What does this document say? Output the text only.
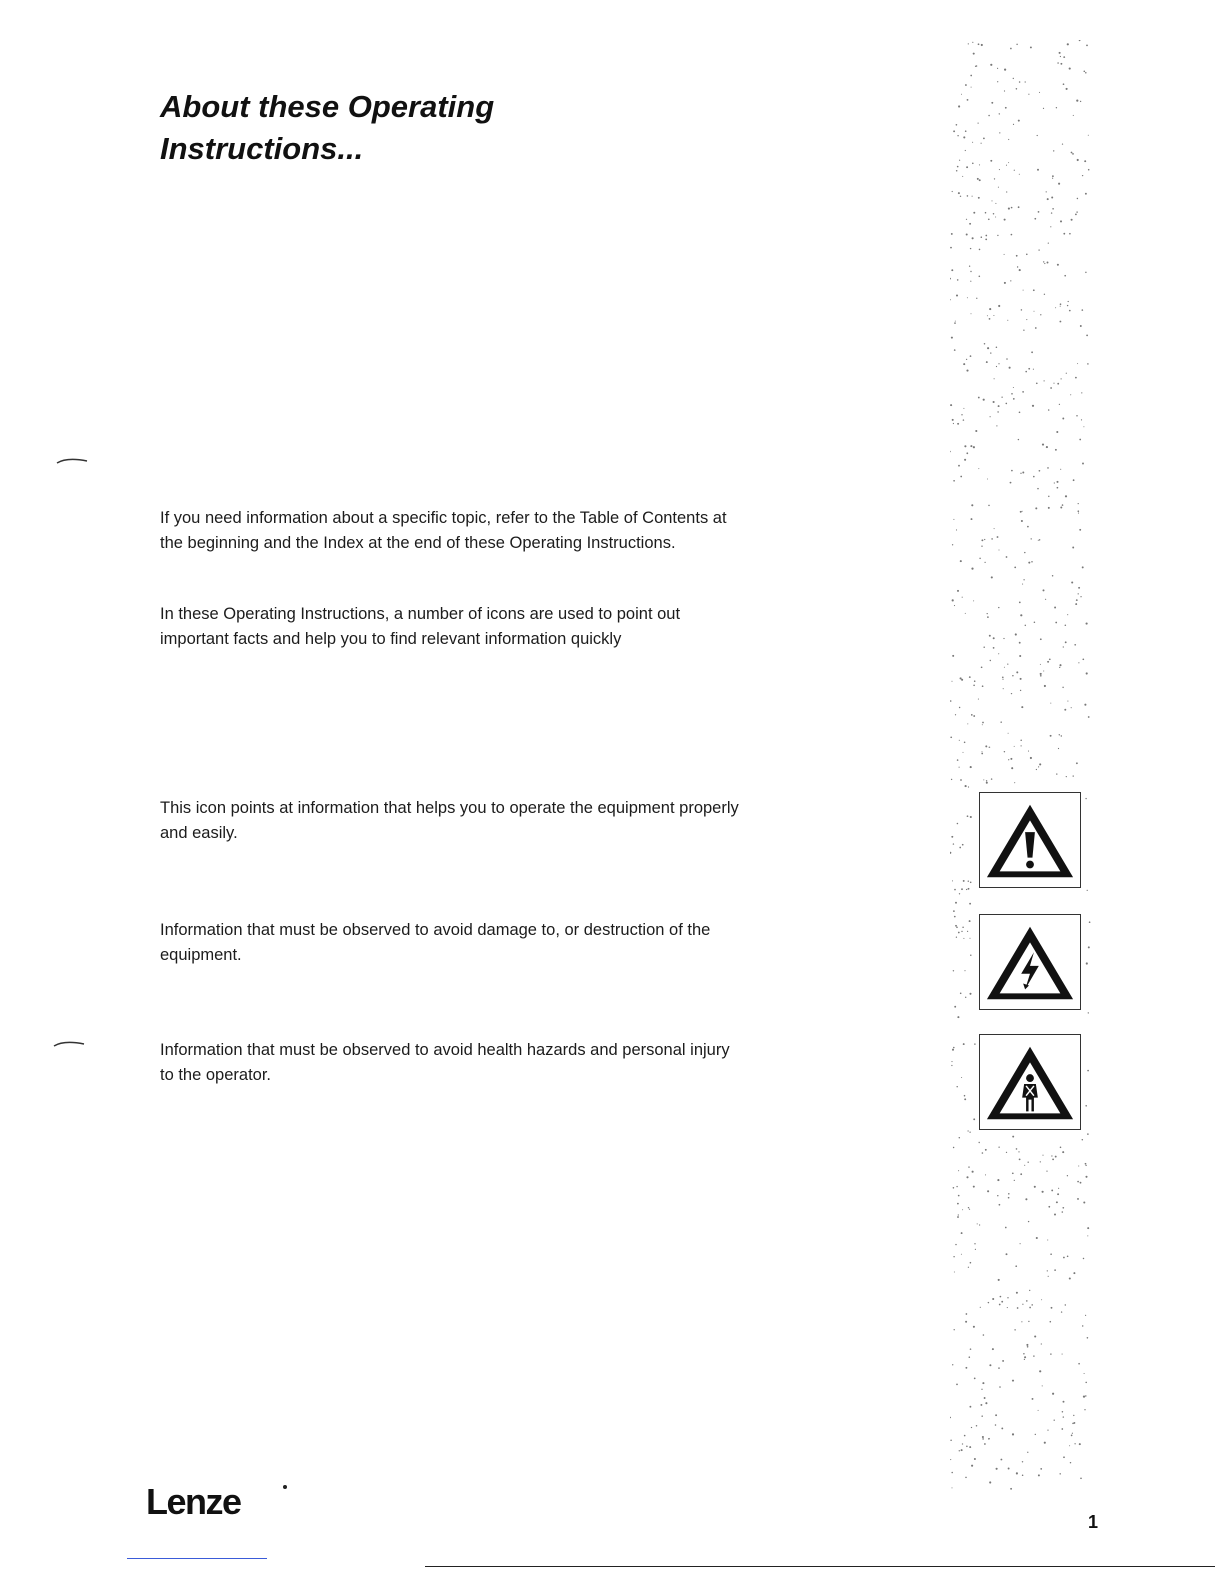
About these Operating
Instructions...

If you need information about a specific topic, refer to the Table of Contents at the beginning and the Index at the end of these Operating Instructions.

In these Operating Instructions, a number of icons are used to point out important facts and help you to find relevant information quickly

This icon points at information that helps you to operate the equipment properly and easily.

Information that must be observed to avoid damage to, or destruction of the equipment.

Information that must be observed to avoid health hazards and personal injury to the operator.

Lenze	1
